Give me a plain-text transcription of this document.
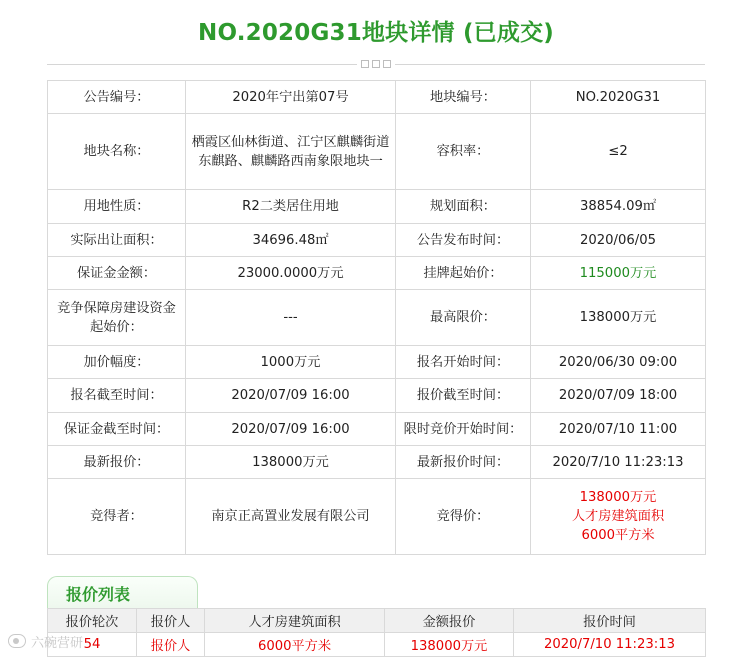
NO.2020G31地块详情 (已成交)
公告编号：	2020年宁出第07号	地块编号：	NO.2020G31
地块名称：	栖霞区仙林街道、江宁区麒麟街道东麒路、麒麟路西南象限地块一	容积率：	≤2
用地性质：	R2二类居住用地	规划面积：	38854.09㎡
实际出让面积：	34696.48㎡	公告发布时间：	2020/06/05
保证金金额：	23000.0000万元	挂牌起始价：	115000万元
竞争保障房建设资金起始价：	---	最高限价：	138000万元
加价幅度：	1000万元	报名开始时间：	2020/06/30 09:00
报名截至时间：	2020/07/09 16:00	报价截至时间：	2020/07/09 18:00
保证金截至时间：	2020/07/09 16:00	限时竞价开始时间：	2020/07/10 11:00
最新报价：	138000万元	最新报价时间：	2020/7/10 11:23:13
竞得者：	南京正高置业发展有限公司	竞得价：	138000万元
人才房建筑面积
6000平方米
报价列表
报价轮次	报价人	人才房建筑面积	金额报价	报价时间
54	报价人	6000平方米	138000万元	2020/7/10 11:23:13
六碗营研
